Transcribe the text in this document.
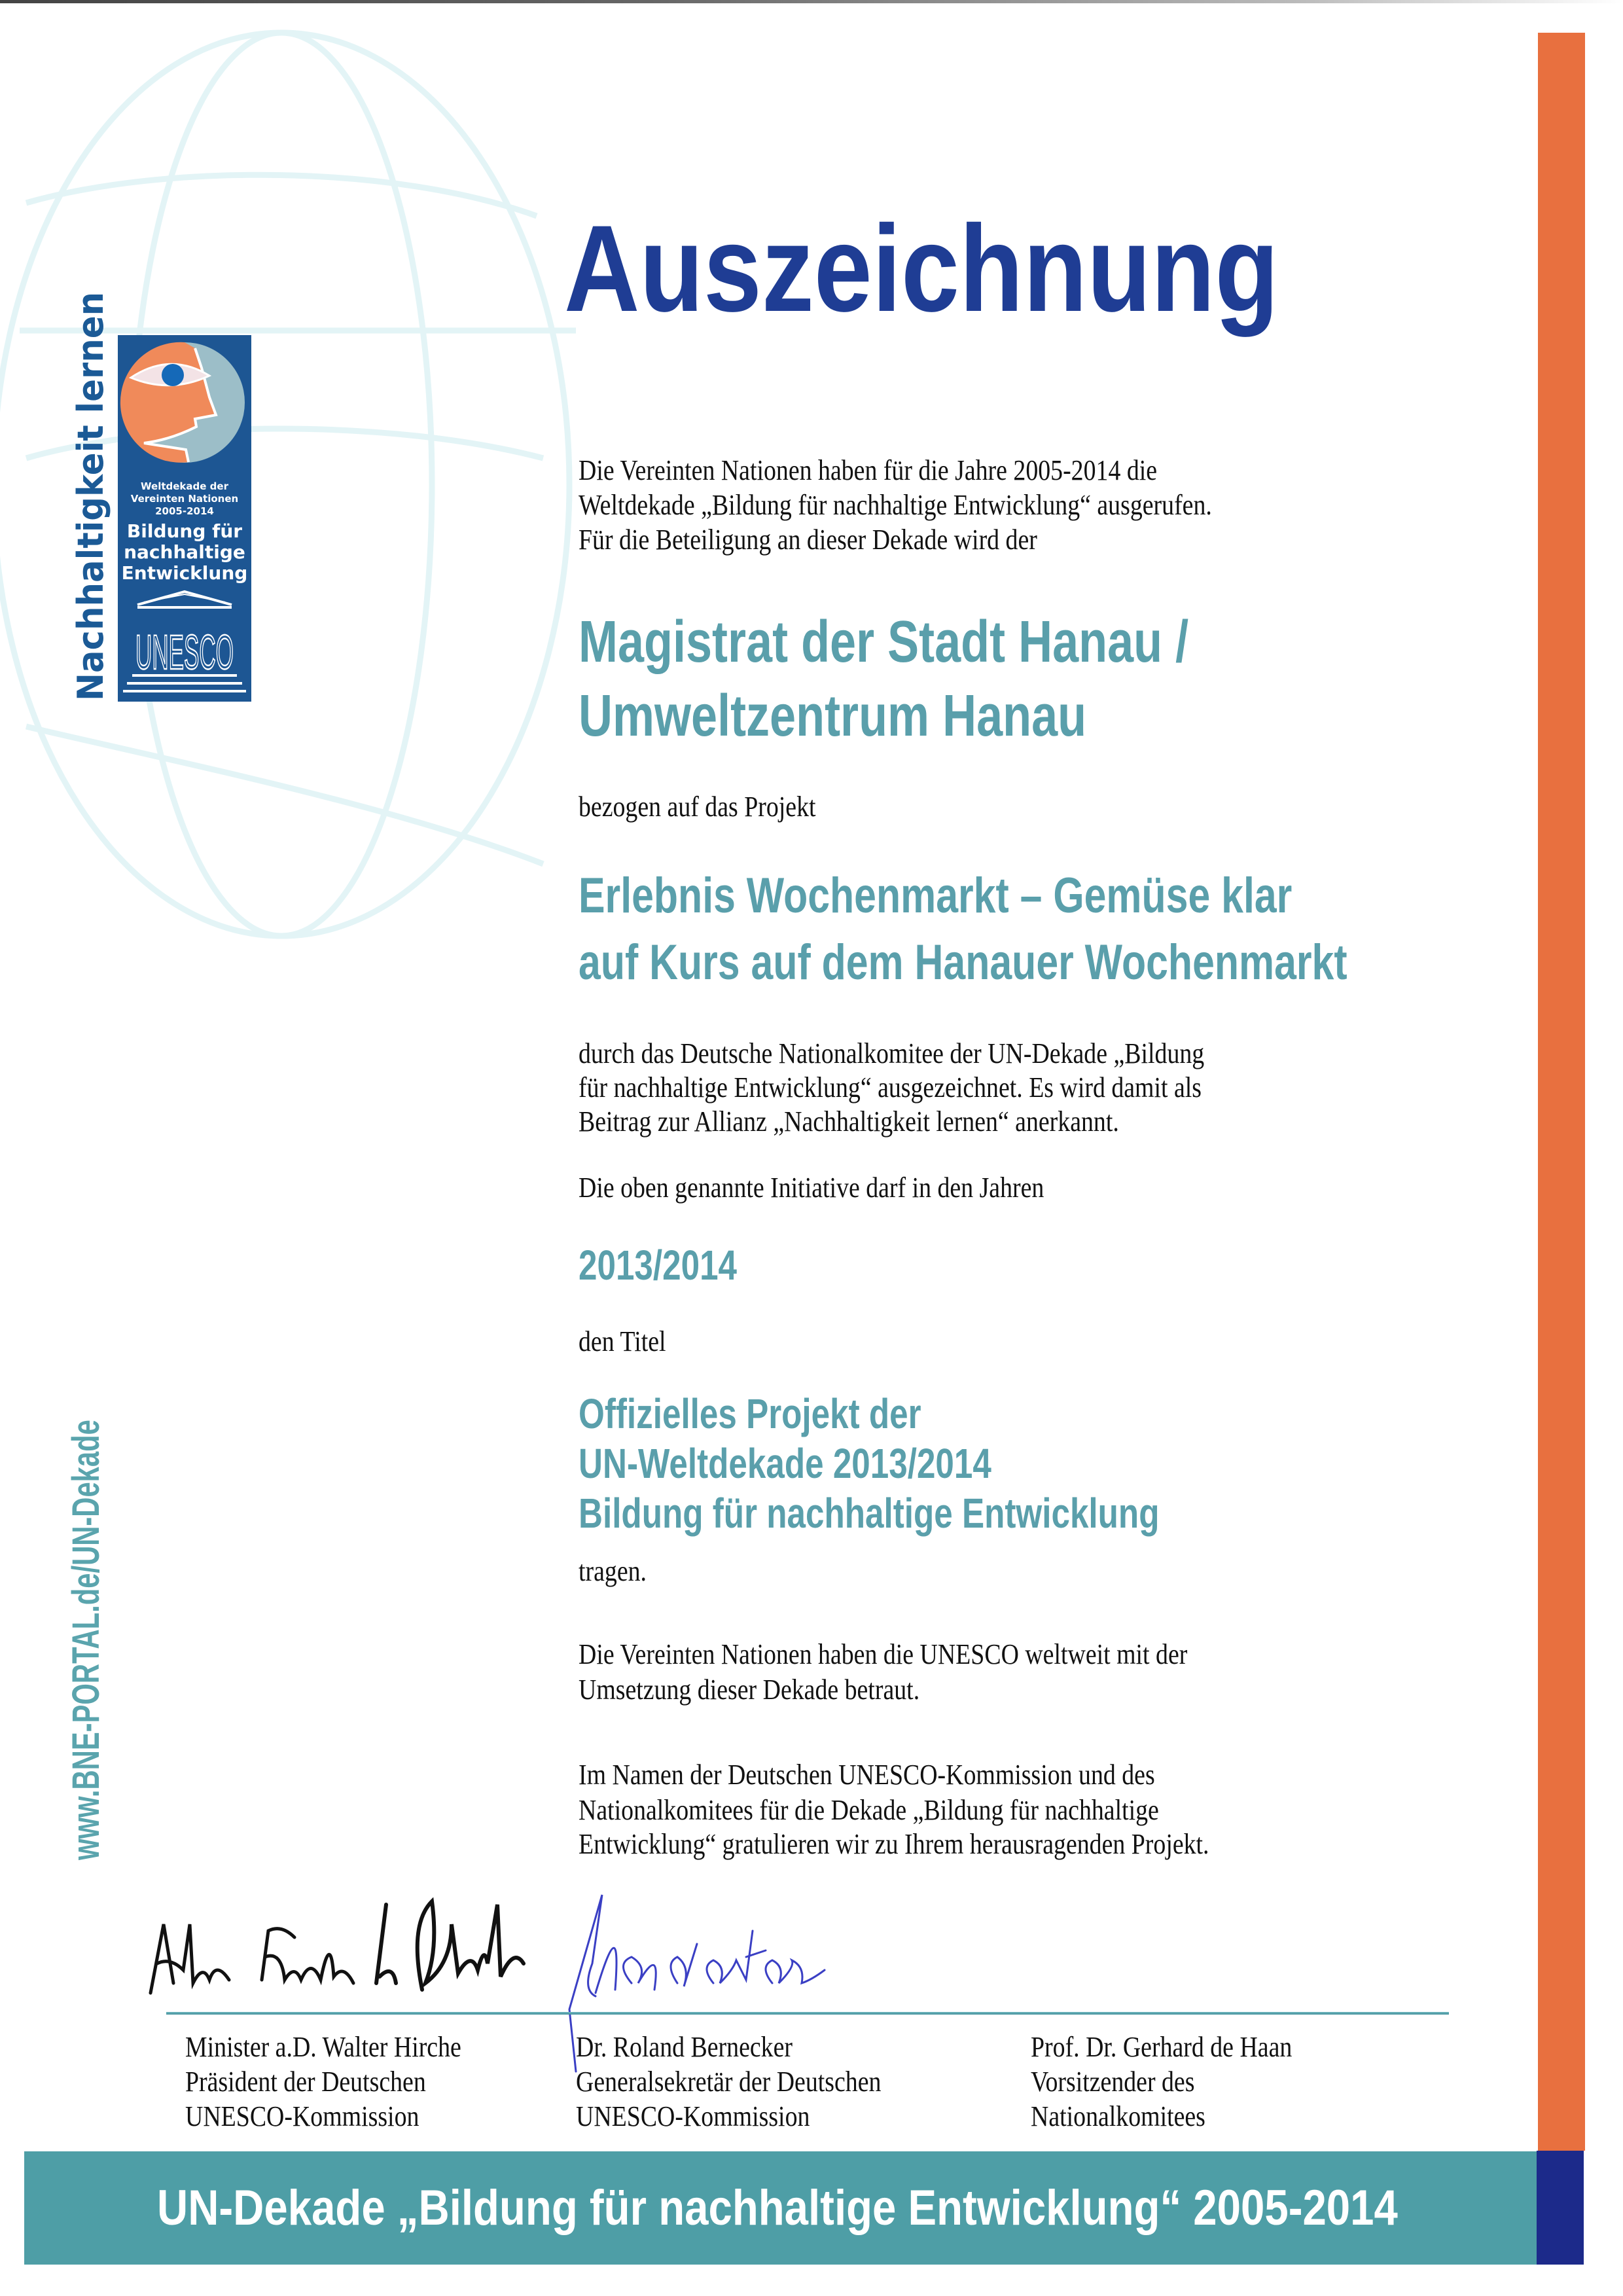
Nachhaltigkeit lernen	Weltdekade der
Vereinten Nationen
2005-2014
Bildung für
nachhaltige
Entwicklung
UNESCO
www.BNE-PORTAL.de/UN-Dekade
Auszeichnung
Die Vereinten Nationen haben für die Jahre 2005-2014 die
Weltdekade „Bildung für nachhaltige Entwicklung“ ausgerufen.
Für die Beteiligung an dieser Dekade wird der
Magistrat der Stadt Hanau /
Umweltzentrum Hanau
bezogen auf das Projekt
Erlebnis Wochenmarkt – Gemüse klar
auf Kurs auf dem Hanauer Wochenmarkt
durch das Deutsche Nationalkomitee der UN-Dekade „Bildung
für nachhaltige Entwicklung“ ausgezeichnet. Es wird damit als
Beitrag zur Allianz „Nachhaltigkeit lernen“ anerkannt.
Die oben genannte Initiative darf in den Jahren
2013/2014
den Titel
Offizielles Projekt der
UN-Weltdekade 2013/2014
Bildung für nachhaltige Entwicklung
tragen.
Die Vereinten Nationen haben die UNESCO weltweit mit der
Umsetzung dieser Dekade betraut.
Im Namen der Deutschen UNESCO-Kommission und des
Nationalkomitees für die Dekade „Bildung für nachhaltige
Entwicklung“ gratulieren wir zu Ihrem herausragenden Projekt.
Minister a.D. Walter Hirche
Präsident der Deutschen
UNESCO-Kommission
Dr. Roland Bernecker
Generalsekretär der Deutschen
UNESCO-Kommission
Prof. Dr. Gerhard de Haan
Vorsitzender des
Nationalkomitees
UN-Dekade „Bildung für nachhaltige Entwicklung“ 2005-2014
